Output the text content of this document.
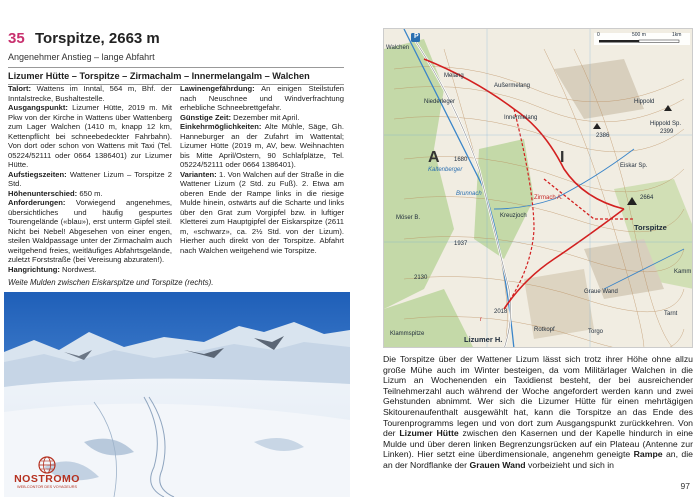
35 Torspitze, 2663 m
Angenehmer Anstieg – lange Abfahrt
Lizumer Hütte – Torspitze – Zirmachalm – Innermelangalm – Walchen

Talort: Wattens im Inntal, 564 m, Bhf. der Inntalstrecke, Bushaltestelle.

Ausgangspunkt: Lizumer Hütte, 2019 m. Mit Pkw von der Kirche in Wattens über Wattenberg zum Lager Walchen (1410 m, knapp 12 km, Kettenpflicht bei schneebedeckter Fahrbahn). Von dort oder schon von Wattens mit Taxi (Tel. 05224/52111 oder 0664 1386401) zur Lizumer Hütte.

Aufstiegszeiten: Wattener Lizum – Torspitze 2 Std.

Höhenunterschied: 650 m.

Anforderungen: Vorwiegend angenehmes, übersichtliches und häufig gespurtes Tourengelände («blau»), erst unterm Gipfel steil. Nicht bei Nebel! Abgesehen von einer engen, steilen Waldpassage unter der Zirmachalm auch weitgehend freies, weitläufiges Abfahrtsgelände, zuletzt Forststraße (bei Vereisung abzuraten!).

Hangrichtung: Nordwest.

Lawinengefährdung: An einigen Steilstufen nach Neuschnee und Windverfrachtung erhebliche Schneebrettgefahr.

Günstige Zeit: Dezember mit April.

Einkehrmöglichkeiten: Alte Mühle, Säge, Gh. Hanneburger an der Zufahrt im Wattental; Lizumer Hütte (2019 m, AV, bew. Weihnachten bis Mitte April/Ostern, 90 Schlafplätze, Tel. 05224/52111 oder 0664 1386401).

Varianten: 1. Von Walchen auf der Straße in die Wattener Lizum (2 Std. zu Fuß). 2. Etwa am oberen Ende der Rampe links in die riesige Mulde hinein, ostwärts auf die Scharte und links über den Grat zum Vorgipfel bzw. in luftiger Kletterei zum Hauptgipfel der Eiskarspitze (2611 m, «schwarz», ca. 2½ Std. von der Lizum). Hierher auch direkt von der Torspitze. Abfahrt nach Walchen weitgehend wie Torspitze.

Weite Mulden zwischen Eiskarspitze und Torspitze (rechts).
NOSTROMO
WEB-CONTOR DES VOYAGEURS
P	0	500 m	1km
Walchen
A	I
Außermelang
Niederleger
Innermelang
Hippold Sp.
Hippold
Eiskar Sp.
Zirmach A.
Torspitze
Graue Wand
Möser B.
Klammspitze
Lizumer H.
Torgo
Tarnt
Rotkopf
Kamm
Brunnach
Kreuzjoch
Melang
Kaltenberger
r
1680
2399
2386
1937
2018
2130
2664
Die Torspitze über der Wattener Lizum lässt sich trotz ihrer Höhe ohne allzu große Mühe auch im Winter besteigen, da vom Militärlager Walchen in die Lizum an Wochenenden ein Taxidienst besteht, der bei ausreichender Teilnehmerzahl auch während der Woche angefordert werden kann und zwei Gehstunden abnimmt. Wer sich die Lizumer Hütte für einen mehrtägigen Skitourenaufenthalt ausgewählt hat, kann die Torspitze an das Ende des Tourenprogramms legen und von dort zum Ausgangspunkt zurückkehren. Von der Lizumer Hütte zwischen den Kasernen und der Kapelle hindurch in eine Mulde und über deren linken Begrenzungsrücken auf ein Plateau (Antenne zur Linken). Hier setzt eine überdimensionale, angenehm geneigte Rampe an, die an der Nordflanke der Grauen Wand vorbeizieht und sich in
97
